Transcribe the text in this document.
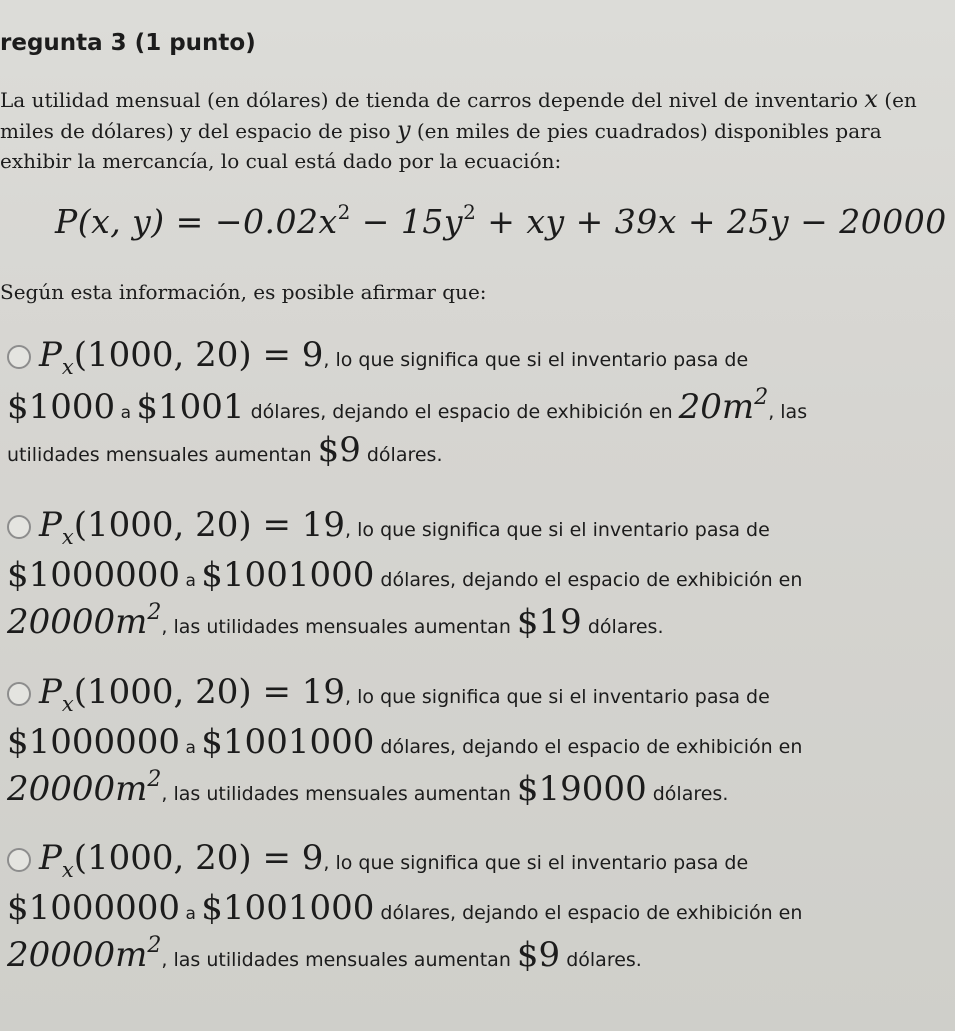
regunta 3 (1 punto)
La utilidad mensual (en dólares) de tienda de carros depende del nivel de inventario x (en
miles de dólares) y del espacio de piso y (en miles de pies cuadrados) disponibles para
exhibir la mercancía, lo cual está dado por la ecuación:
P(x, $y) = -0.02x^2 - 15y^2$ + xy + 39x + 25y − 20000
Según esta información, es posible afirmar que:
Px(1000, 20) = 9, lo que significa que si el inventario pasa de
$1000 a $1001 dólares, dejando el espacio de exhibición en 20m2, las
utilidades mensuales aumentan $9 dólares.
Px(1000, 20) = 19, lo que significa que si el inventario pasa de
$1000000 a $1001000 dólares, dejando el espacio de exhibición en
20000m2, las utilidades mensuales aumentan $19 dólares.
Px(1000, 20) = 19, lo que significa que si el inventario pasa de
$1000000 a $1001000 dólares, dejando el espacio de exhibición en
20000m2, las utilidades mensuales aumentan $19000 dólares.
Px(1000, 20) = 9, lo que significa que si el inventario pasa de
$1000000 a $1001000 dólares, dejando el espacio de exhibición en
20000m2, las utilidades mensuales aumentan $9 dólares.
